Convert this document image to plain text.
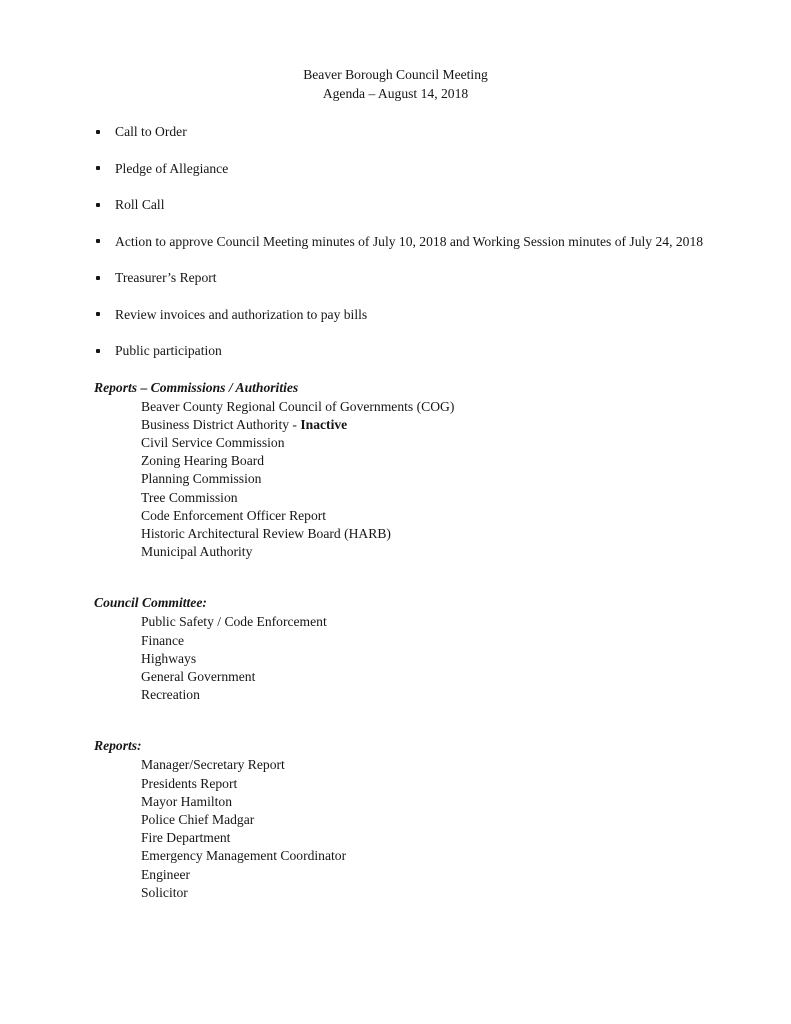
Beaver Borough Council Meeting
Agenda – August 14, 2018
Call to Order
Pledge of Allegiance
Roll Call
Action to approve Council Meeting minutes of July 10, 2018 and Working Session minutes of July 24, 2018
Treasurer’s Report
Review invoices and authorization to pay bills
Public participation
Reports – Commissions / Authorities
Beaver County Regional Council of Governments (COG)
Business District Authority - Inactive
Civil Service Commission
Zoning Hearing Board
Planning Commission
Tree Commission
Code Enforcement Officer Report
Historic Architectural Review Board (HARB)
Municipal Authority
Council Committee:
Public Safety / Code Enforcement
Finance
Highways
General Government
Recreation
Reports:
Manager/Secretary Report
Presidents Report
Mayor Hamilton
Police Chief Madgar
Fire Department
Emergency Management Coordinator
Engineer
Solicitor
